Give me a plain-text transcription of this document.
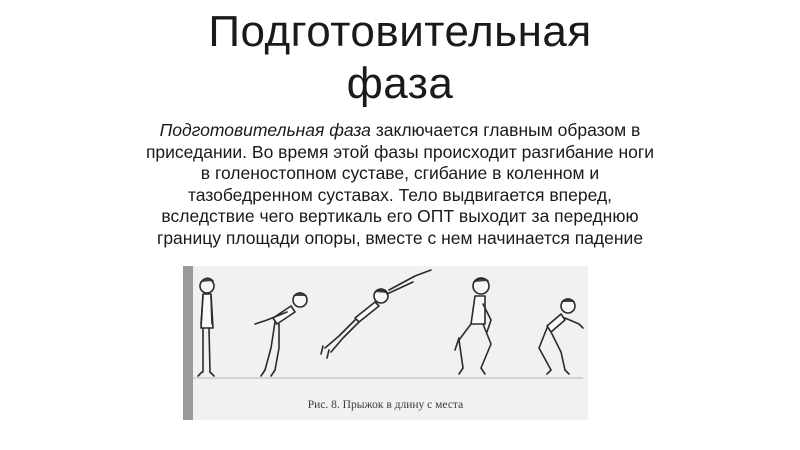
Подготовительная
фаза
Подготовительная фаза заключается главным образом в приседании. Во время этой фазы происходит разгибание ноги в голеностопном суставе, сгибание в коленном и тазобедренном суставах. Тело выдвигается вперед, вследствие чего вертикаль его ОПТ выходит за переднюю границу площади опоры, вместе с нем начинается падение
Рис. 8. Прыжок в длину с места
